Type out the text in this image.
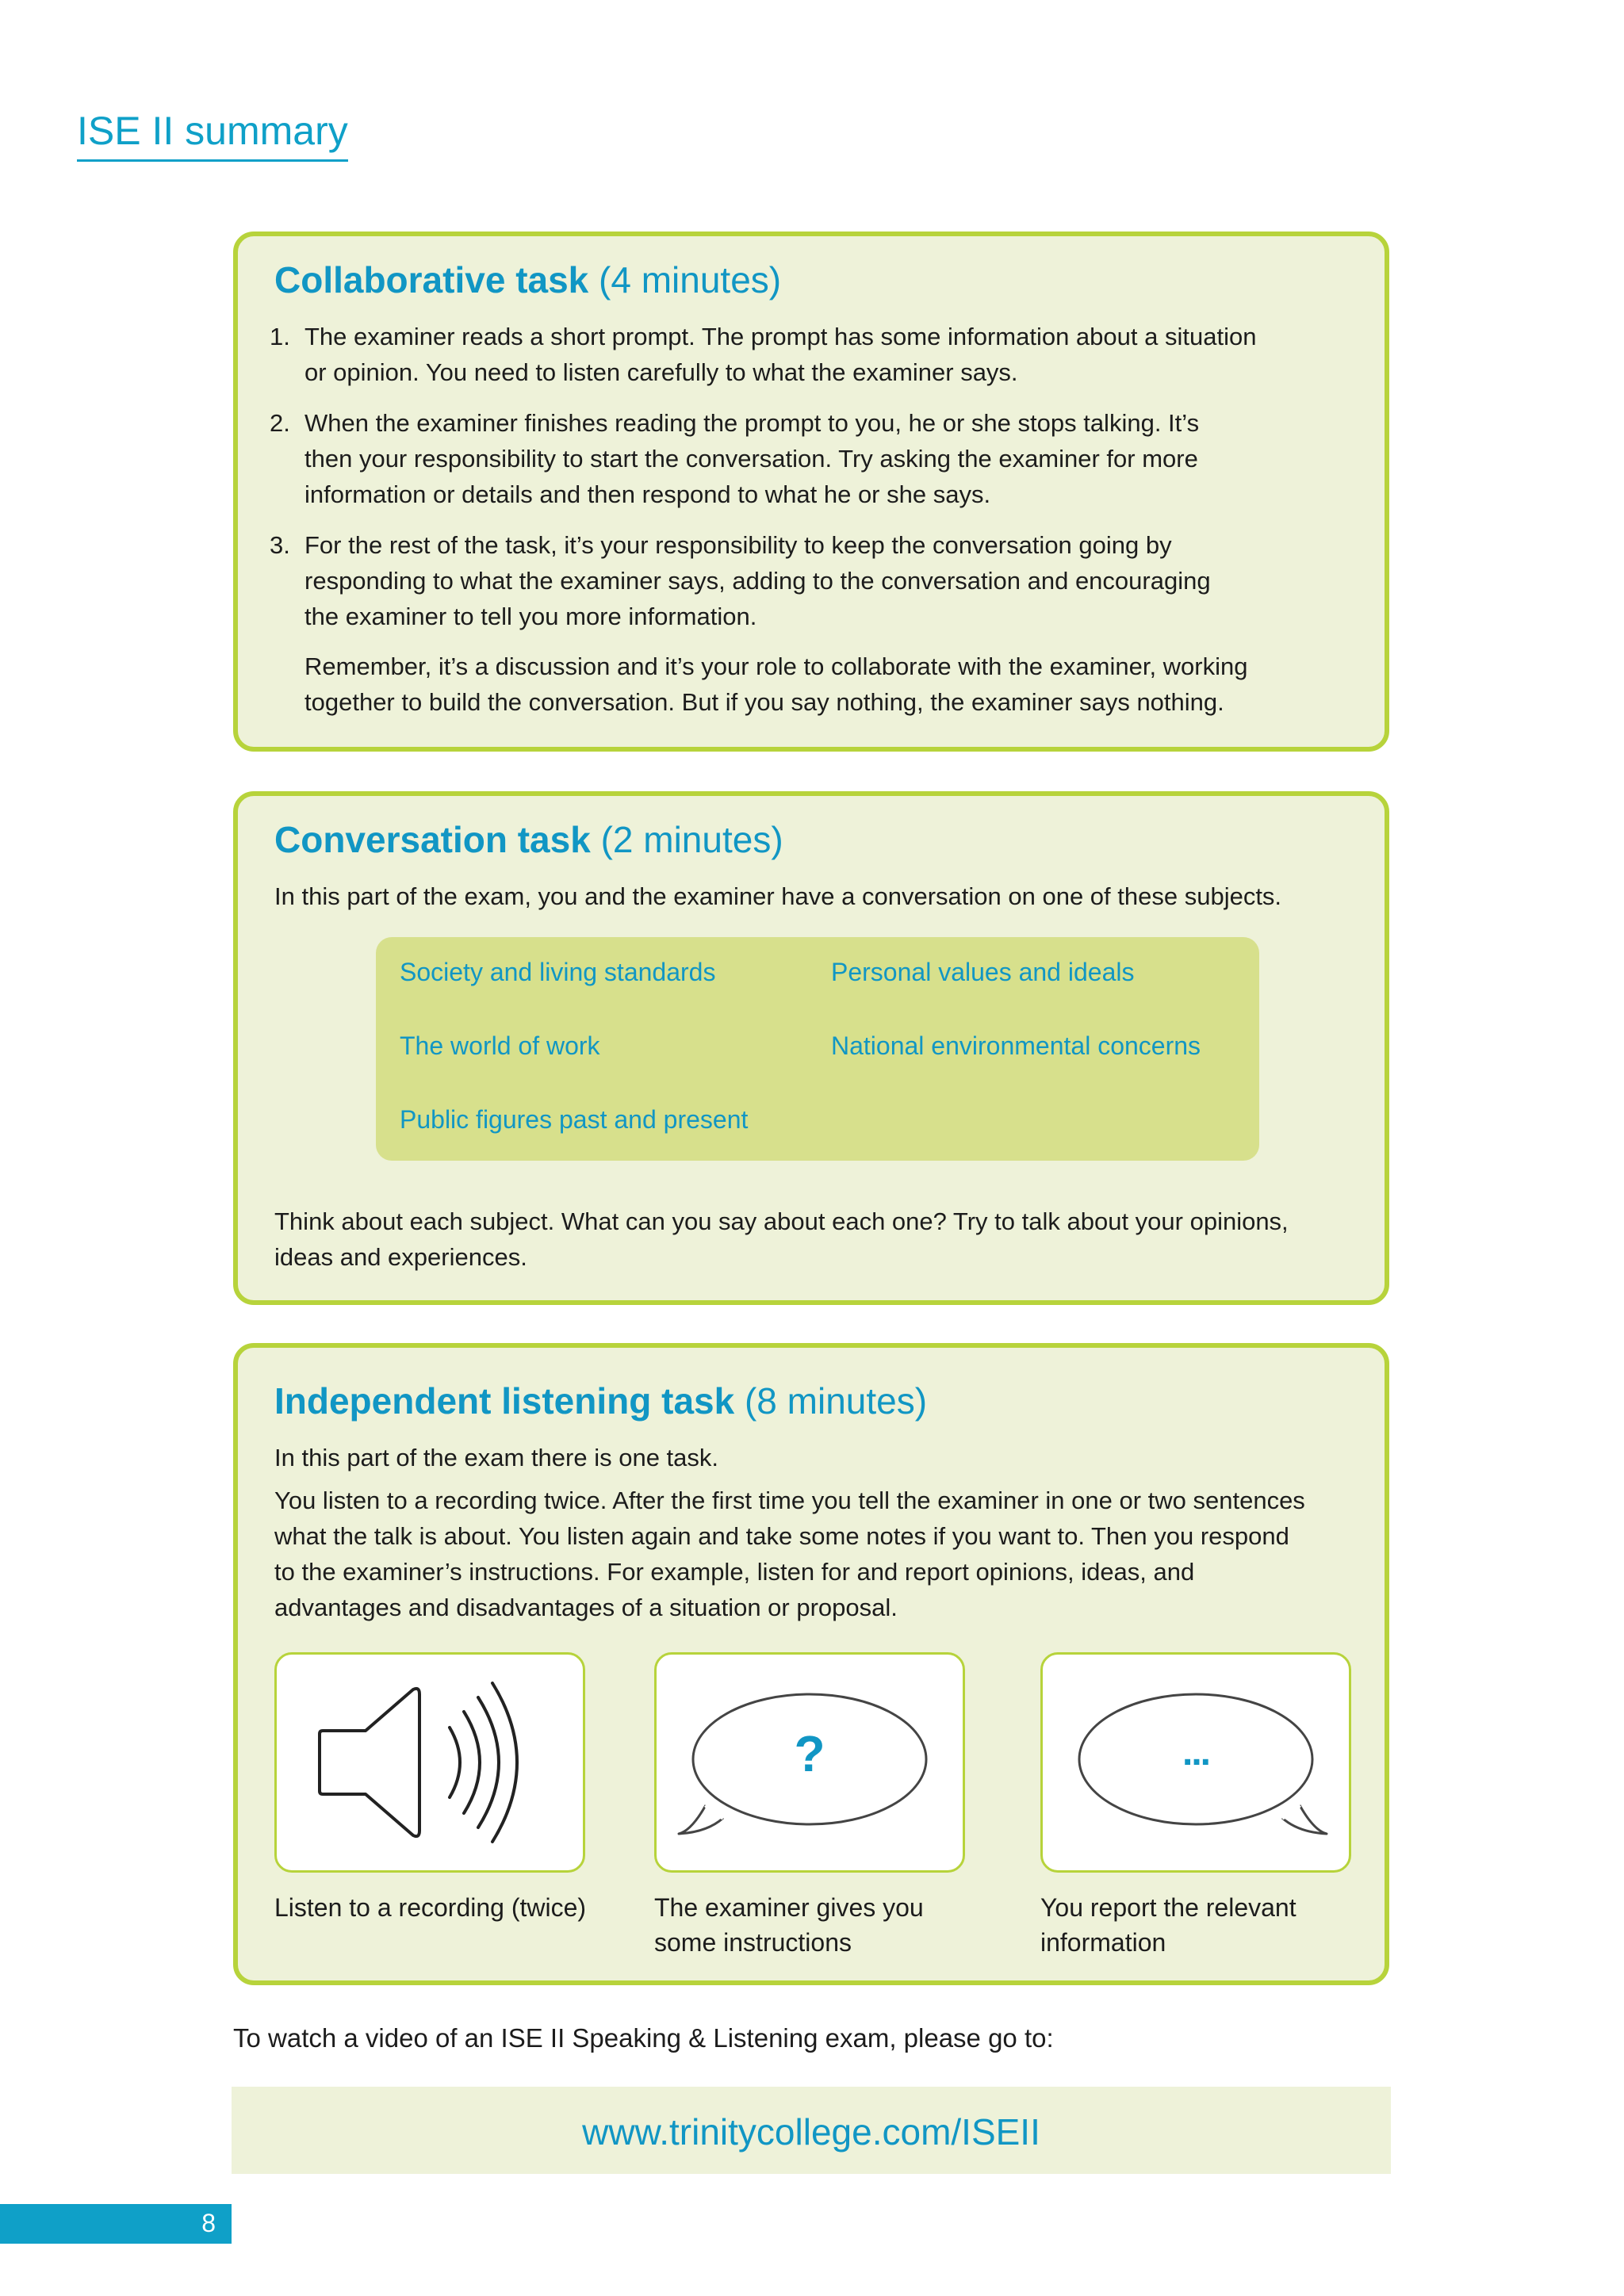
ISE II summary
Collaborative task (4 minutes)
1. The examiner reads a short prompt. The prompt has some information about a situation
or opinion. You need to listen carefully to what the examiner says.
2. When the examiner finishes reading the prompt to you, he or she stops talking. It’s
then your responsibility to start the conversation. Try asking the examiner for more
information or details and then respond to what he or she says.
3. For the rest of the task, it’s your responsibility to keep the conversation going by
responding to what the examiner says, adding to the conversation and encouraging
the examiner to tell you more information.
Remember, it’s a discussion and it’s your role to collaborate with the examiner, working
together to build the conversation. But if you say nothing, the examiner says nothing.
Conversation task (2 minutes)
In this part of the exam, you and the examiner have a conversation on one of these subjects.
Society and living standards	Personal values and ideals
The world of work	National environmental concerns
Public figures past and present
Think about each subject. What can you say about each one? Try to talk about your opinions,
ideas and experiences.
Independent listening task (8 minutes)
In this part of the exam there is one task.
You listen to a recording twice. After the first time you tell the examiner in one or two sentences
what the talk is about. You listen again and take some notes if you want to. Then you respond
to the examiner’s instructions. For example, listen for and report opinions, ideas, and
advantages and disadvantages of a situation or proposal.
Listen to a recording (twice)
?
The examiner gives you
some instructions
...
You report the relevant
information
To watch a video of an ISE II Speaking & Listening exam, please go to:
www.trinitycollege.com/ISEII
8
